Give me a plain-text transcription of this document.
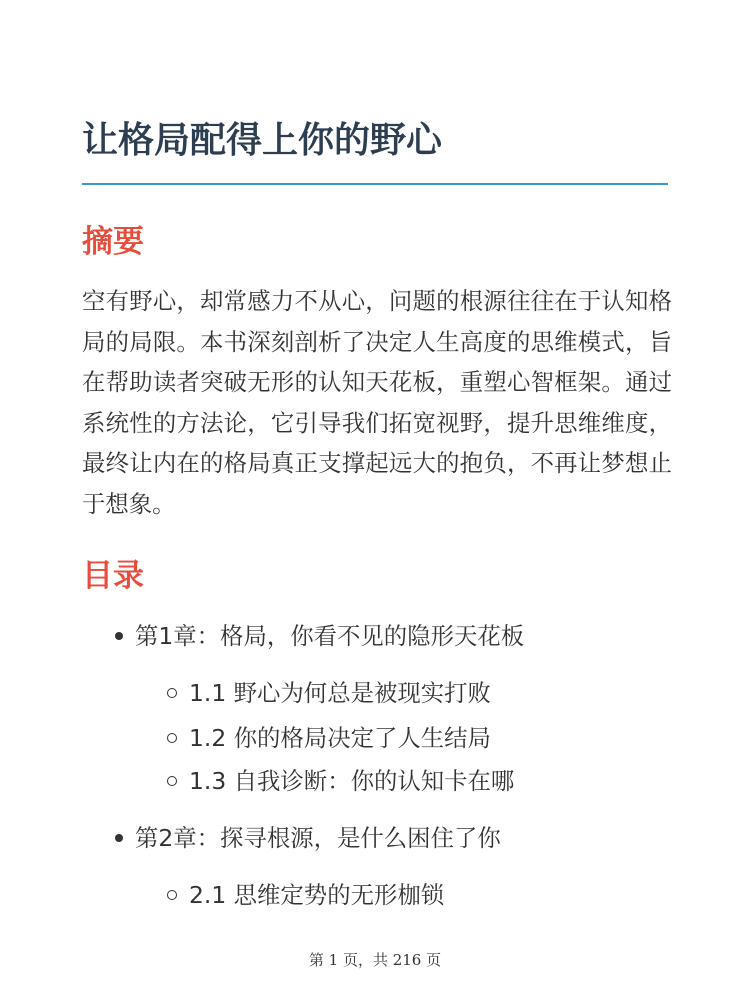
让格局配得上你的野心
摘要

空有野心，却常感力不从心，问题的根源往往在于认知格局的局限。本书深刻剖析了决定人生高度的思维模式，旨在帮助读者突破无形的认知天花板，重塑心智框架。通过系统性的方法论，它引导我们拓宽视野，提升思维维度，最终让内在的格局真正支撑起远大的抱负，不再让梦想止于想象。

目录
第1章：格局，你看不见的隐形天花板
1.1 野心为何总是被现实打败
1.2 你的格局决定了人生结局
1.3 自我诊断：你的认知卡在哪
第2章：探寻根源，是什么困住了你
2.1 思维定势的无形枷锁
第 1 页，共 216 页
